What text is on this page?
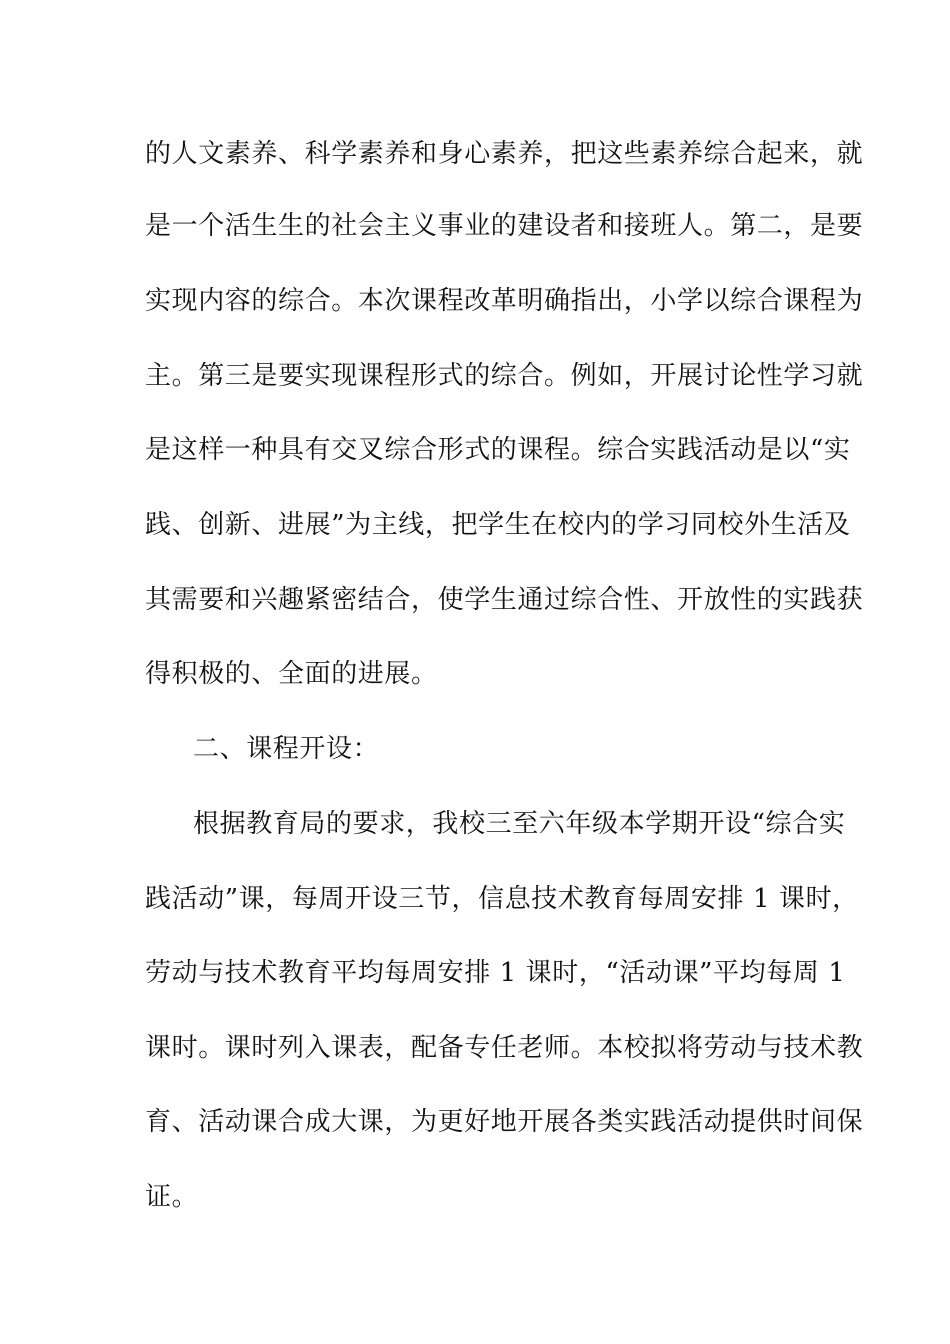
的人文素养、科学素养和身心素养，把这些素养综合起来，就
是一个活生生的社会主义事业的建设者和接班人。第二，是要
实现内容的综合。本次课程改革明确指出，小学以综合课程为
主。第三是要实现课程形式的综合。例如，开展讨论性学习就
是这样一种具有交叉综合形式的课程。综合实践活动是以“实
践、创新、进展”为主线，把学生在校内的学习同校外生活及
其需要和兴趣紧密结合，使学生通过综合性、开放性的实践获
得积极的、全面的进展。
二、课程开设：
根据教育局的要求，我校三至六年级本学期开设“综合实
践活动”课，每周开设三节，信息技术教育每周安排 1 课时，
劳动与技术教育平均每周安排 1 课时，“活动课”平均每周 1
课时。课时列入课表，配备专任老师。本校拟将劳动与技术教
育、活动课合成大课，为更好地开展各类实践活动提供时间保
证。
